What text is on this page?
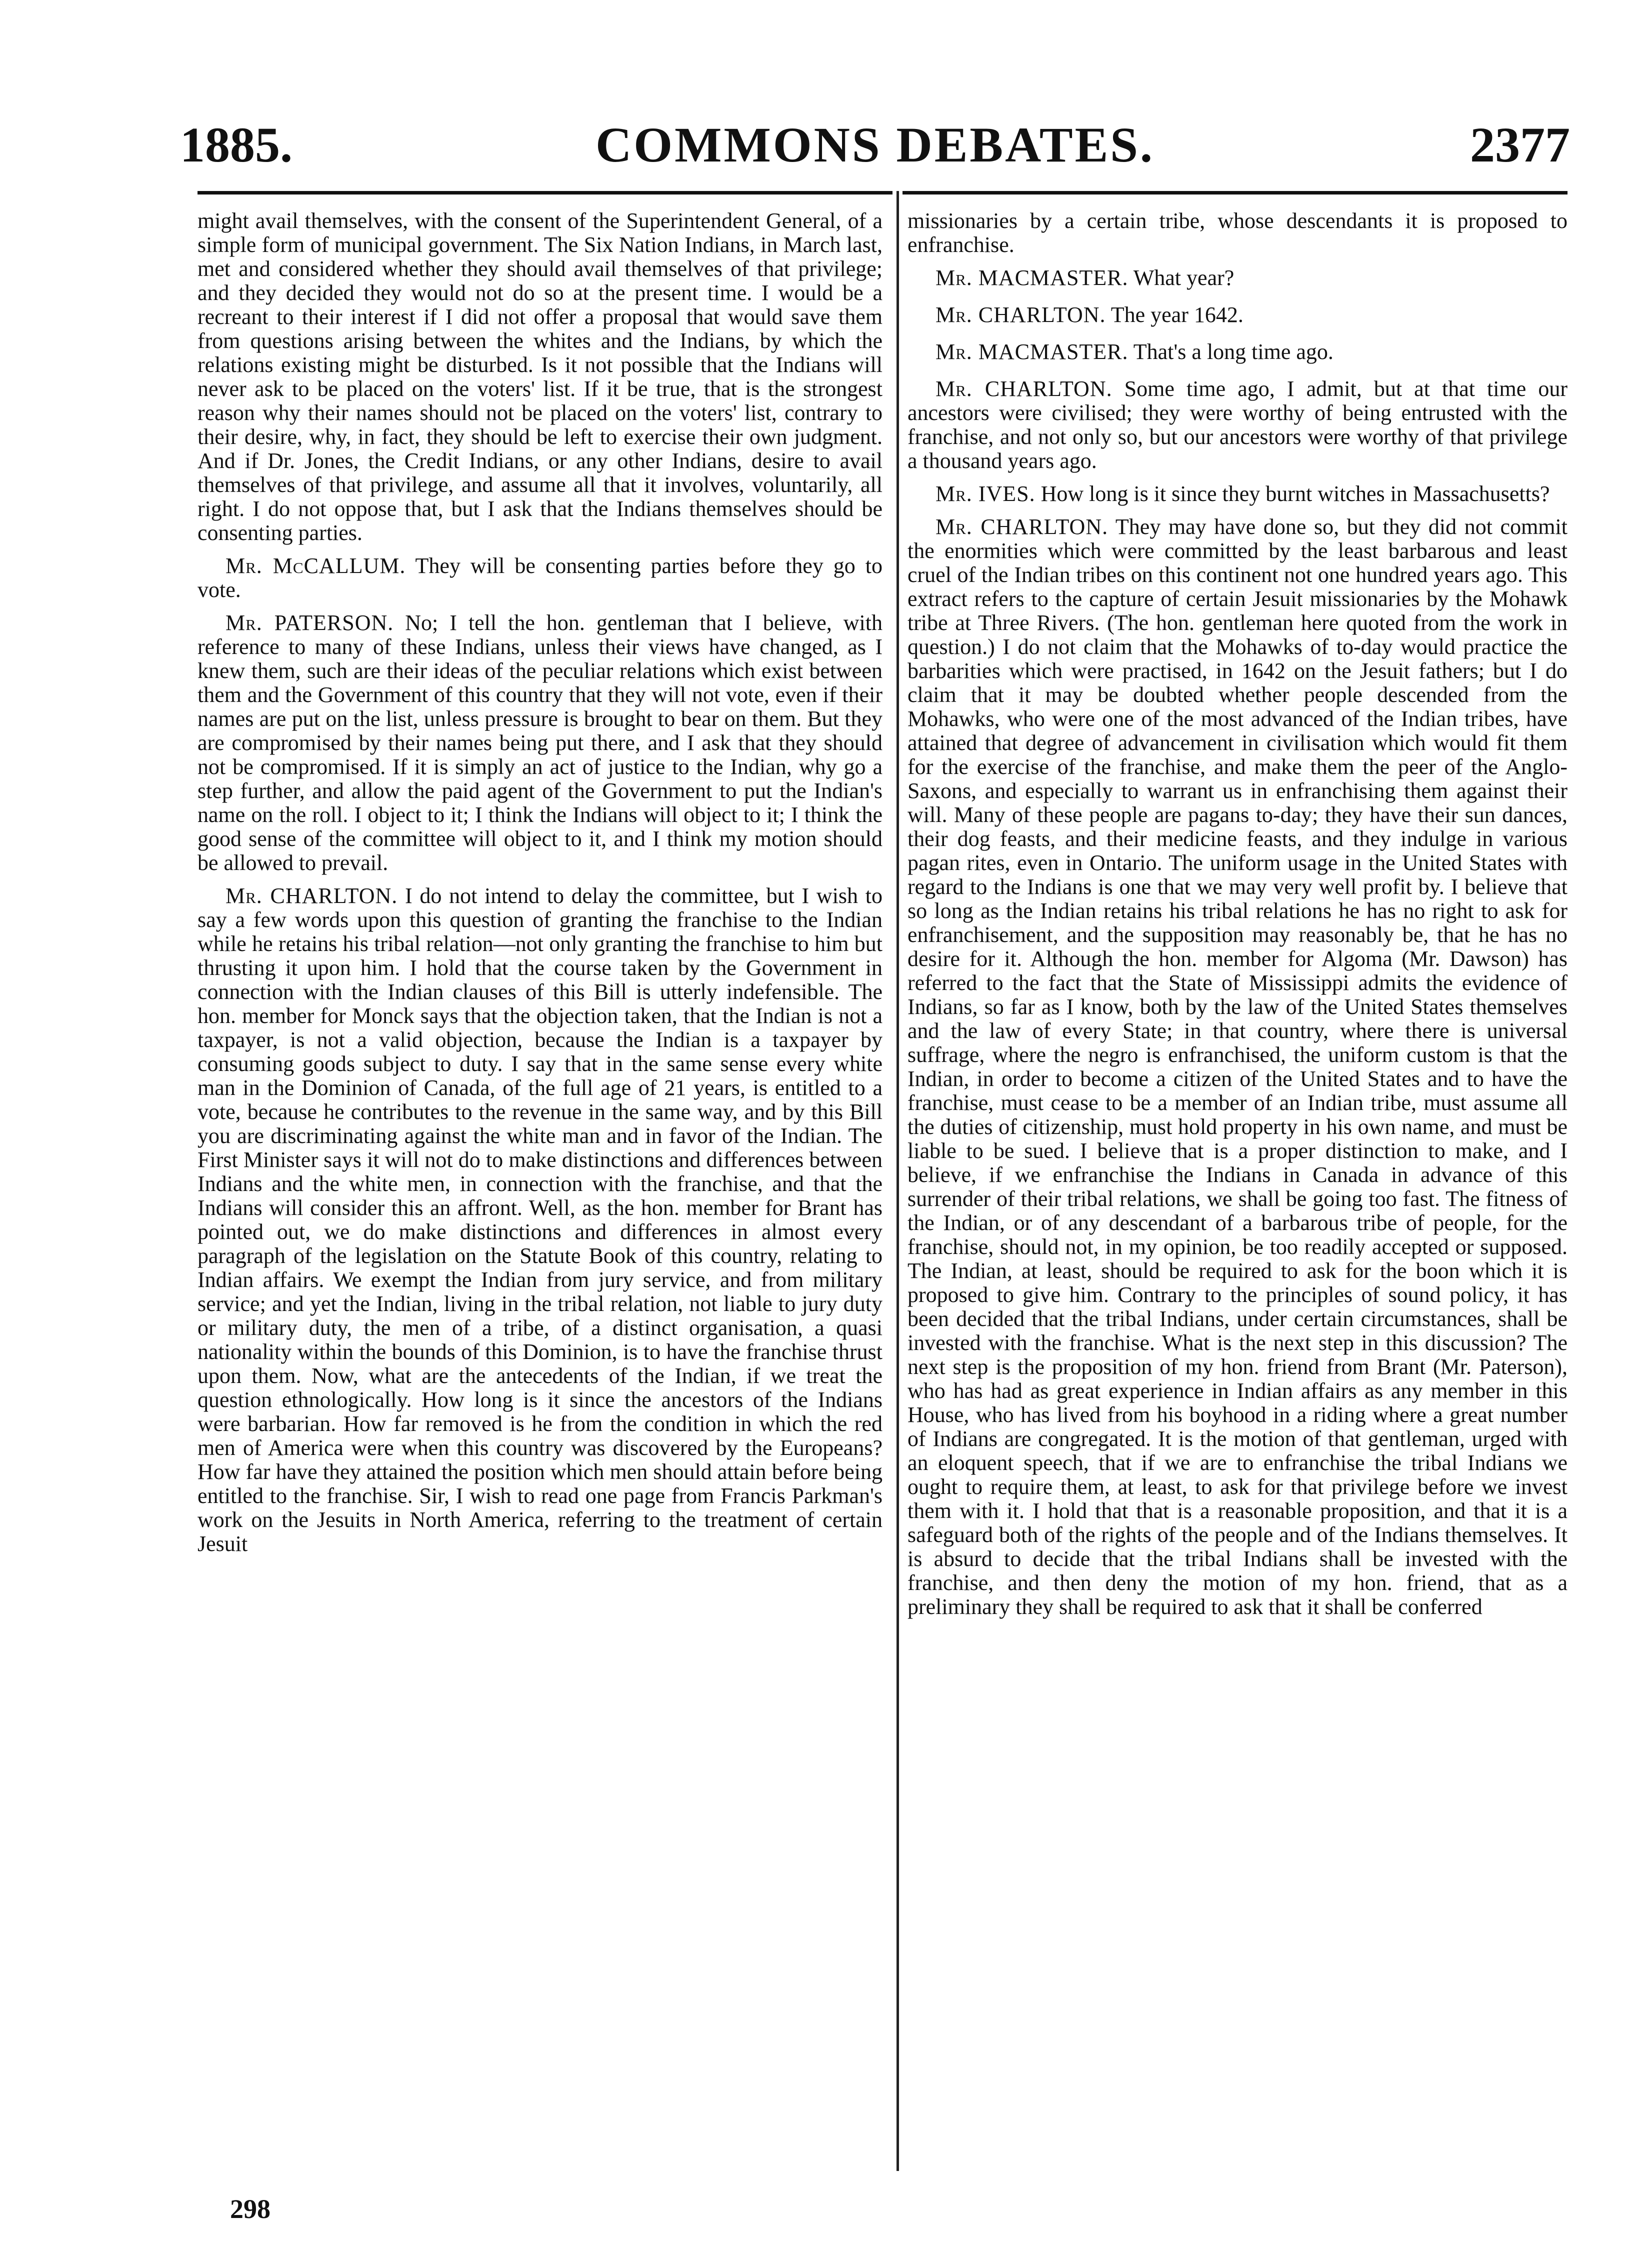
1885.	COMMONS DEBATES.	2377

might avail themselves, with the consent of the Superintendent General, of a simple form of municipal government. The Six Nation Indians, in March last, met and considered whether they should avail themselves of that privilege; and they decided they would not do so at the present time. I would be a recreant to their interest if I did not offer a proposal that would save them from questions arising between the whites and the Indians, by which the relations existing might be disturbed. Is it not possible that the Indians will never ask to be placed on the voters' list. If it be true, that is the strongest reason why their names should not be placed on the voters' list, contrary to their desire, why, in fact, they should be left to exercise their own judgment. And if Dr. Jones, the Credit Indians, or any other Indians, desire to avail themselves of that privilege, and assume all that it involves, voluntarily, all right. I do not oppose that, but I ask that the Indians themselves should be consenting parties.

Mr. McCALLUM. They will be consenting parties before they go to vote.

Mr. PATERSON. No; I tell the hon. gentleman that I believe, with reference to many of these Indians, unless their views have changed, as I knew them, such are their ideas of the peculiar relations which exist between them and the Government of this country that they will not vote, even if their names are put on the list, unless pressure is brought to bear on them. But they are compromised by their names being put there, and I ask that they should not be compromised. If it is simply an act of justice to the Indian, why go a step further, and allow the paid agent of the Government to put the Indian's name on the roll. I object to it; I think the Indians will object to it; I think the good sense of the committee will object to it, and I think my motion should be allowed to prevail.

Mr. CHARLTON. I do not intend to delay the committee, but I wish to say a few words upon this question of granting the franchise to the Indian while he retains his tribal relation—not only granting the franchise to him but thrusting it upon him. I hold that the course taken by the Government in connection with the Indian clauses of this Bill is utterly indefensible. The hon. member for Monck says that the objection taken, that the Indian is not a taxpayer, is not a valid objection, because the Indian is a taxpayer by consuming goods subject to duty. I say that in the same sense every white man in the Dominion of Canada, of the full age of 21 years, is entitled to a vote, because he contributes to the revenue in the same way, and by this Bill you are discriminating against the white man and in favor of the Indian. The First Minister says it will not do to make distinctions and differences between Indians and the white men, in connection with the franchise, and that the Indians will consider this an affront. Well, as the hon. member for Brant has pointed out, we do make distinctions and differences in almost every paragraph of the legislation on the Statute Book of this country, relating to Indian affairs. We exempt the Indian from jury service, and from military service; and yet the Indian, living in the tribal relation, not liable to jury duty or military duty, the men of a tribe, of a distinct organisation, a quasi nationality within the bounds of this Dominion, is to have the franchise thrust upon them. Now, what are the antecedents of the Indian, if we treat the question ethnologically. How long is it since the ancestors of the Indians were barbarian. How far removed is he from the condition in which the red men of America were when this country was discovered by the Europeans? How far have they attained the position which men should attain before being entitled to the franchise. Sir, I wish to read one page from Francis Parkman's work on the Jesuits in North America, referring to the treatment of certain Jesuit

missionaries by a certain tribe, whose descendants it is proposed to enfranchise.

Mr. MACMASTER. What year?

Mr. CHARLTON. The year 1642.

Mr. MACMASTER. That's a long time ago.

Mr. CHARLTON. Some time ago, I admit, but at that time our ancestors were civilised; they were worthy of being entrusted with the franchise, and not only so, but our ancestors were worthy of that privilege a thousand years ago.

Mr. IVES. How long is it since they burnt witches in Massachusetts?

Mr. CHARLTON. They may have done so, but they did not commit the enormities which were committed by the least barbarous and least cruel of the Indian tribes on this continent not one hundred years ago. This extract refers to the capture of certain Jesuit missionaries by the Mohawk tribe at Three Rivers. (The hon. gentleman here quoted from the work in question.) I do not claim that the Mohawks of to-day would practice the barbarities which were practised, in 1642 on the Jesuit fathers; but I do claim that it may be doubted whether people descended from the Mohawks, who were one of the most advanced of the Indian tribes, have attained that degree of advancement in civilisation which would fit them for the exercise of the franchise, and make them the peer of the Anglo-Saxons, and especially to warrant us in enfranchising them against their will. Many of these people are pagans to-day; they have their sun dances, their dog feasts, and their medicine feasts, and they indulge in various pagan rites, even in Ontario. The uniform usage in the United States with regard to the Indians is one that we may very well profit by. I believe that so long as the Indian retains his tribal relations he has no right to ask for enfranchisement, and the supposition may reasonably be, that he has no desire for it. Although the hon. member for Algoma (Mr. Dawson) has referred to the fact that the State of Mississippi admits the evidence of Indians, so far as I know, both by the law of the United States themselves and the law of every State; in that country, where there is universal suffrage, where the negro is enfranchised, the uniform custom is that the Indian, in order to become a citizen of the United States and to have the franchise, must cease to be a member of an Indian tribe, must assume all the duties of citizenship, must hold property in his own name, and must be liable to be sued. I believe that is a proper distinction to make, and I believe, if we enfranchise the Indians in Canada in advance of this surrender of their tribal relations, we shall be going too fast. The fitness of the Indian, or of any descendant of a barbarous tribe of people, for the franchise, should not, in my opinion, be too readily accepted or supposed. The Indian, at least, should be required to ask for the boon which it is proposed to give him. Contrary to the principles of sound policy, it has been decided that the tribal Indians, under certain circumstances, shall be invested with the franchise. What is the next step in this discussion? The next step is the proposition of my hon. friend from Brant (Mr. Paterson), who has had as great experience in Indian affairs as any member in this House, who has lived from his boyhood in a riding where a great number of Indians are congregated. It is the motion of that gentleman, urged with an eloquent speech, that if we are to enfranchise the tribal Indians we ought to require them, at least, to ask for that privilege before we invest them with it. I hold that that is a reasonable proposition, and that it is a safeguard both of the rights of the people and of the Indians themselves. It is absurd to decide that the tribal Indians shall be invested with the franchise, and then deny the motion of my hon. friend, that as a preliminary they shall be required to ask that it shall be conferred

298
